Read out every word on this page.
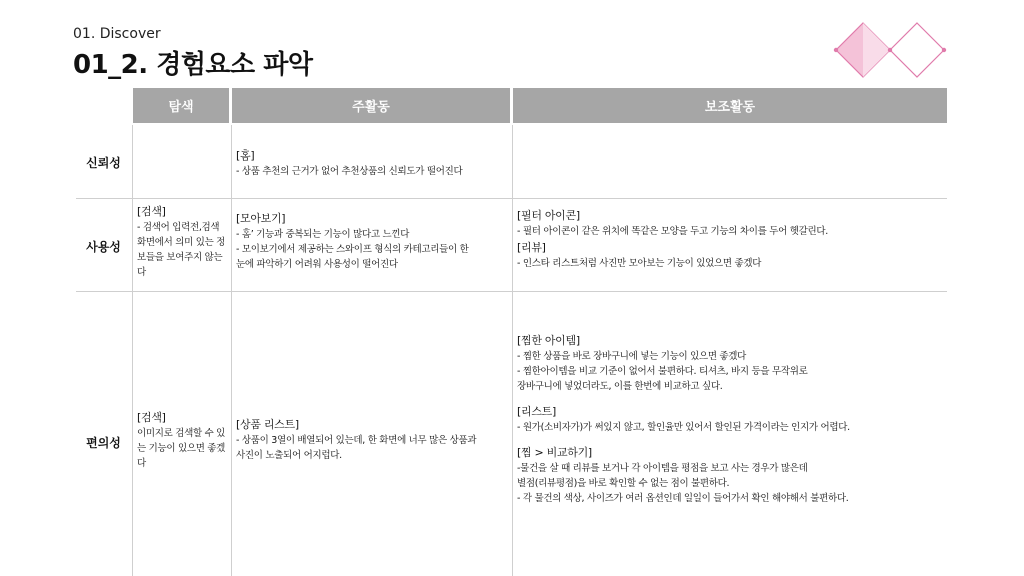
01. Discover
01_2. 경험요소 파악
탐색	주활동	보조활동
신뢰성
사용성
편의성
[홈]
- 상품 추천의 근거가 없어 추천상품의 신뢰도가 떨어진다
[검색]
- 검색어 입력전,검색 화면에서 의미 있는 정보들을 보여주지 않는다
[모아보기]
- 홈’ 기능과 중복되는 기능이 많다고 느낀다
- 모이보기에서 제공하는 스와이프 형식의 카테고리들이 한
눈에 파악하기 어려워 사용성이 떨어진다
[필터 아이콘]
- 필터 아이콘이 같은 위치에 똑같은 모양을 두고 기능의 차이를 두어 헷갈린다.
[리뷰]
- 인스타 리스트처럼 사진만 모아보는 기능이 있었으면 좋겠다
[검색]
이미지로 검색할 수 있는 기능이 있으면 좋겠다
[상품 리스트]
- 상품이 3열이 배열되어 있는데, 한 화면에 너무 많은 상품과
사진이 노출되어 어지럽다.
[찜한 아이템]
- 찜한 상품을 바로 장바구니에 넣는 기능이 있으면 좋겠다
- 찜한아이템을 비교 기준이 없어서 불편하다. 티셔츠, 바지 등을 무작위로
장바구니에 넣었더라도, 이를 한번에 비교하고 싶다.
[리스트]
- 원가(소비자가)가 써있지 않고, 할인율만 있어서 할인된 가격이라는 인지가 어렵다.
[찜 > 비교하기]
-물건을 살 때 리뷰를 보거나 각 아이템을 평점을 보고 사는 경우가 많은데
별점(리뷰평점)을 바로 확인할 수 없는 점이 불편하다.
- 각 물건의 색상, 사이즈가 여러 옵션인데 일일이 들어가서 확인 해야해서 불편하다.
